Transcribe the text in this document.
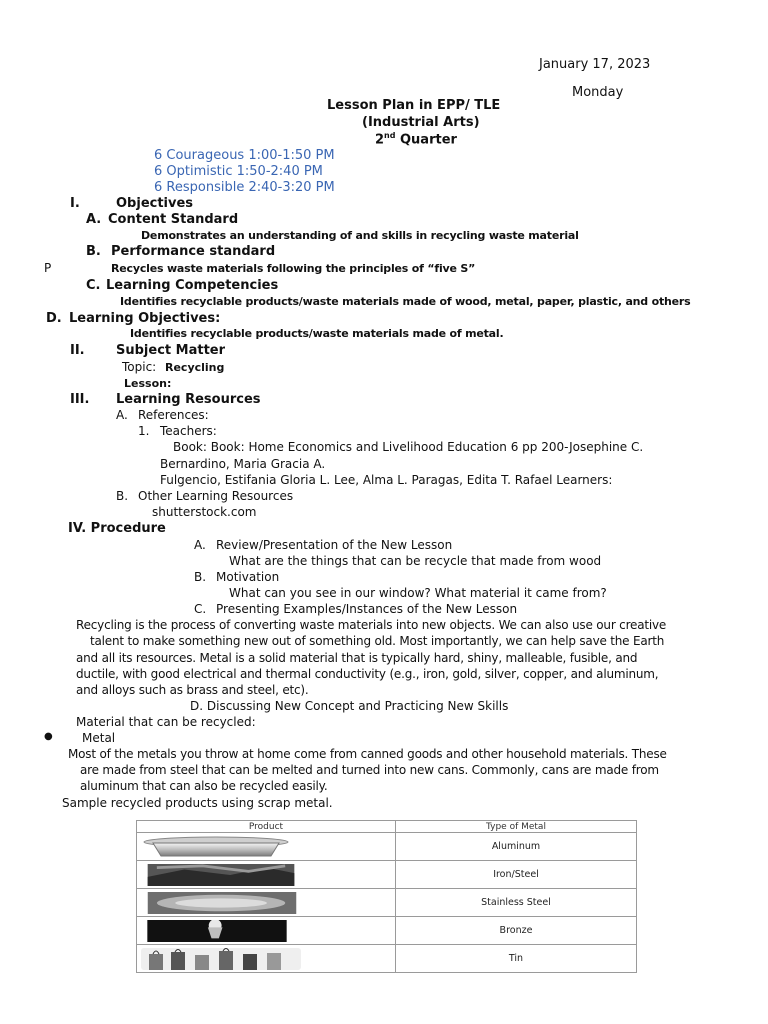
January 17, 2023
Monday
Lesson Plan in EPP/ TLE
(Industrial Arts)
2nd Quarter
6 Courageous 1:00-1:50 PM
6 Optimistic 1:50-2:40 PM
6 Responsible 2:40-3:20 PM
I.	Objectives
A. Content Standard
Demonstrates an understanding of and skills in recycling waste material
B. Performance standard
P	Recycles waste materials following the principles of “five S”
C. Learning Competencies
Identifies recyclable products/waste materials made of wood, metal, paper, plastic, and others
D. Learning Objectives:
Identifies recyclable products/waste materials made of metal.
II. Subject Matter
Topic: Recycling
Lesson:
III. Learning Resources
A. References:
1. Teachers:
Book: Book: Home Economics and Livelihood Education 6 pp 200-Josephine C.
Bernardino, Maria Gracia A.
Fulgencio, Estifania Gloria L. Lee, Alma L. Paragas, Edita T. Rafael Learners:
B. Other Learning Resources
shutterstock.com
IV. Procedure
A. Review/Presentation of the New Lesson
What are the things that can be recycle that made from wood
B. Motivation
What can you see in our window? What material it came from?
C. Presenting Examples/Instances of the New Lesson
Recycling is the process of converting waste materials into new objects. We can also use our creative
talent to make something new out of something old. Most importantly, we can help save the Earth
and all its resources. Metal is a solid material that is typically hard, shiny, malleable, fusible, and
ductile, with good electrical and thermal conductivity (e.g., iron, gold, silver, copper, and aluminum,
and alloys such as brass and steel, etc).
D. Discussing New Concept and Practicing New Skills
Material that can be recycled:
● Metal
Most of the metals you throw at home come from canned goods and other household materials. These
are made from steel that can be melted and turned into new cans. Commonly, cans are made from
aluminum that can also be recycled easily.
Sample recycled products using scrap metal.
Product	Type of Metal

	Aluminum

	Iron/Steel

	Stainless Steel

	Bronze

	Tin
